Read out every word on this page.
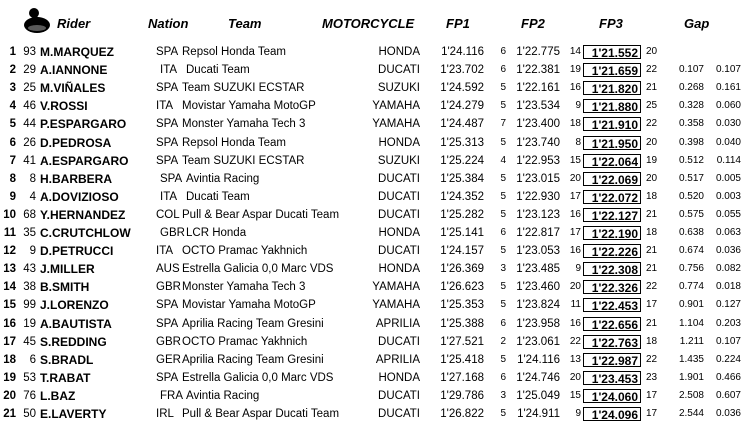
Rider	Nation	Team	MOTORCYCLE FP1	FP2	FP3	Gap
1 93 M.MARQUEZ	SPA Repsol Honda Team	HONDA	1'24.116	6 1'22.775 14 1'21.552 20
2 29 A.IANNONE	ITA Ducati Team	DUCATI	1'23.702	6 1'22.381 19 1'21.659 22	0.107	0.107
3 25 M.VIÑALES	SPA Team SUZUKI ECSTAR	SUZUKI	1'24.592	5 1'22.161 16 1'21.820 21	0.268	0.161
4 46 V.ROSSI	ITA Movistar Yamaha MotoGP	YAMAHA	1'24.279	5 1'23.534	9 1'21.880 25	0.328	0.060
5 44 P.ESPARGARO	SPA Monster Yamaha Tech 3	YAMAHA	1'24.487	7 1'23.400 18 1'21.910 22	0.358	0.030
6 26 D.PEDROSA	SPA Repsol Honda Team	HONDA	1'25.313	5 1'23.740	8 1'21.950 20	0.398	0.040
7 41 A.ESPARGARO SPA Team SUZUKI ECSTAR	SUZUKI	1'25.224	4 1'22.953 15 1'22.064 19	0.512	0.114
8	8 H.BARBERA	SPA Avintia Racing	DUCATI	1'25.384	5 1'23.015 20 1'22.069 20	0.517	0.005
9	4 A.DOVIZIOSO	ITA Ducati Team	DUCATI	1'24.352	5 1'22.930 17 1'22.072 18	0.520	0.003
10 68 Y.HERNANDEZ	COL Pull & Bear Aspar Ducati Team	DUCATI	1'25.282	5 1'23.123 16 1'22.127 21	0.575	0.055
11 35 C.CRUTCHLOW	GBR LCR Honda	HONDA	1'25.141	6 1'22.817 17 1'22.190 18	0.638	0.063
12	9 D.PETRUCCI	ITA OCTO Pramac Yakhnich	DUCATI	1'24.157	5 1'23.053 16 1'22.226 21	0.674	0.036
13 43 J.MILLER	AUS Estrella Galicia 0,0 Marc VDS	HONDA	1'26.369	3 1'23.485	9 1'22.308 21	0.756	0.082
14 38 B.SMITH	GBR Monster Yamaha Tech 3	YAMAHA	1'26.623	5 1'23.460 20 1'22.326 22	0.774	0.018
15 99 J.LORENZO	SPA Movistar Yamaha MotoGP	YAMAHA	1'25.353	5 1'23.824	11 1'22.453 17	0.901	0.127
16 19 A.BAUTISTA	SPA Aprilia Racing Team Gresini	APRILIA	1'25.388	6 1'23.958 16 1'22.656 21	1.104	0.203
17 45 S.REDDING	GBR OCTO Pramac Yakhnich	DUCATI	1'27.521	2 1'23.061 22 1'22.763 18	1.211	0.107
18	6 S.BRADL	GER Aprilia Racing Team Gresini	APRILIA	1'25.418	5 1'24.116 13 1'22.987 22	1.435	0.224
19 53 T.RABAT	SPA Estrella Galicia 0,0 Marc VDS	HONDA	1'27.168	6 1'24.746 20 1'23.453 23	1.901	0.466
20 76 L.BAZ	FRA Avintia Racing	DUCATI	1'29.786	3 1'25.049 15 1'24.060 17	2.508	0.607
21 50 E.LAVERTY	IRL Pull & Bear Aspar Ducati Team	DUCATI	1'26.822	5 1'24.911	9 1'24.096 17	2.544	0.036
